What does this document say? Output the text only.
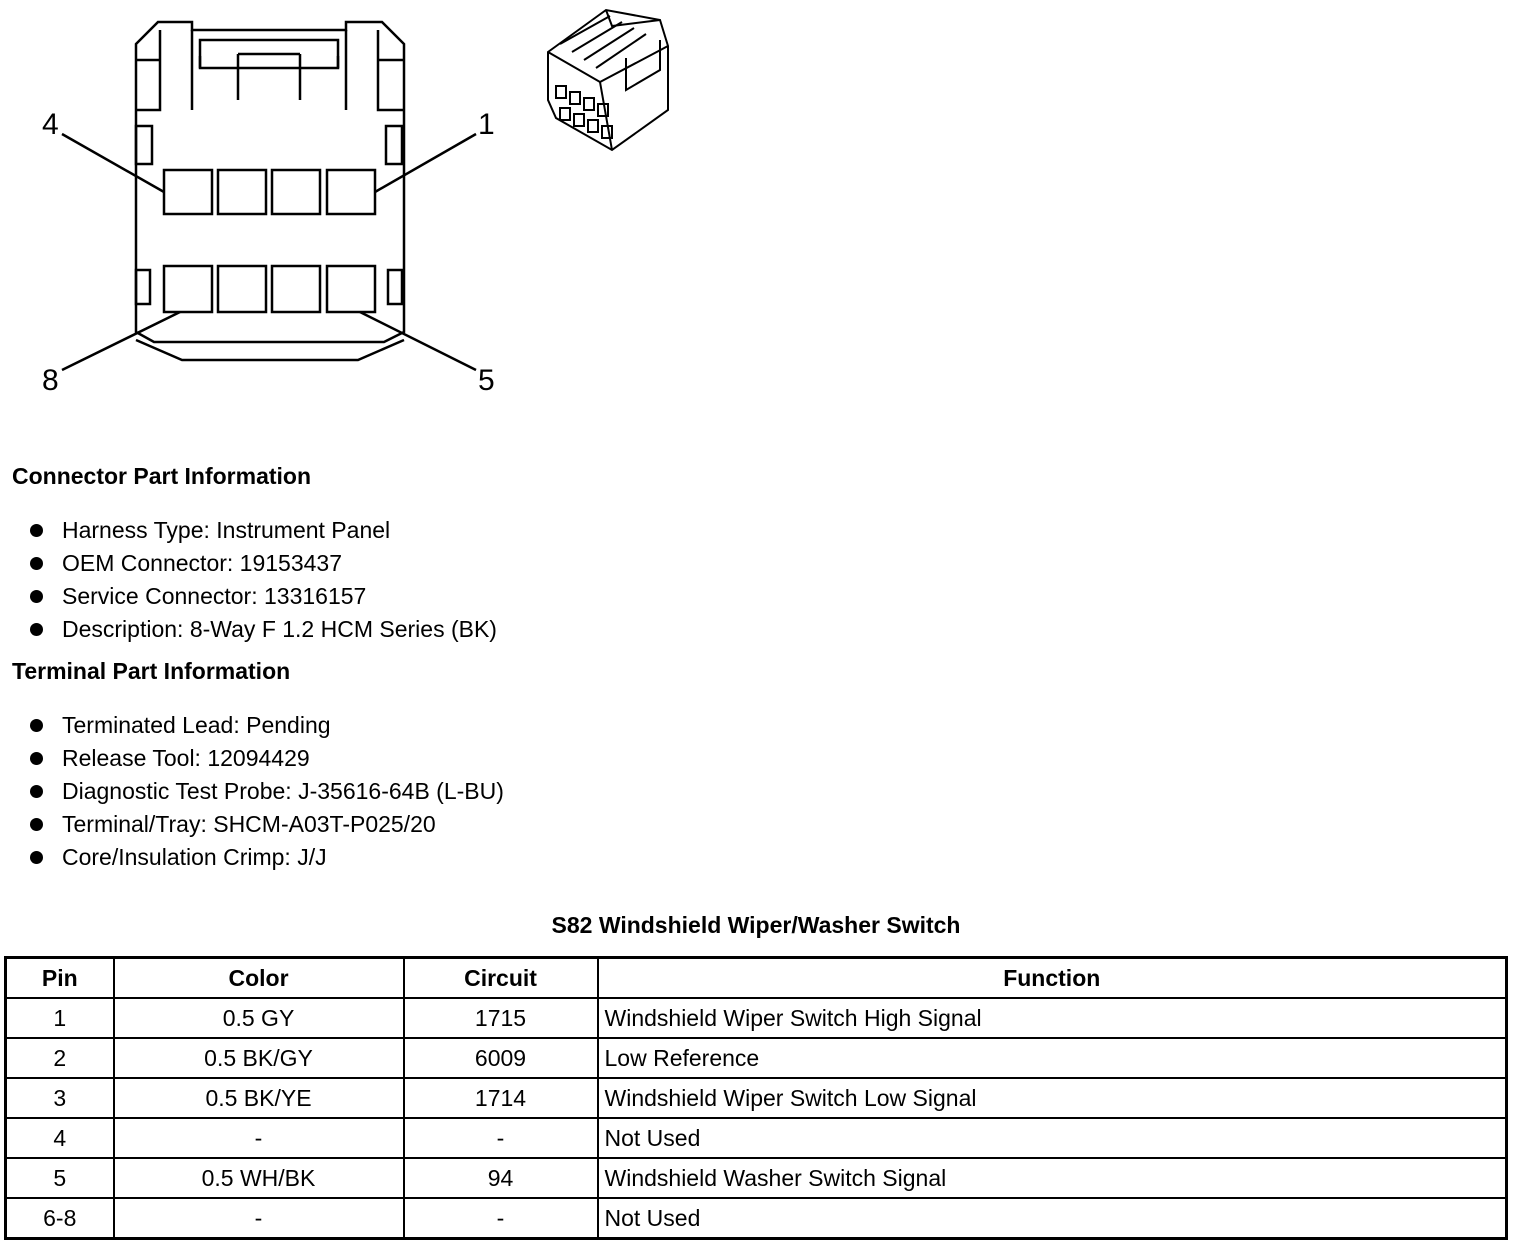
4	1
8	5
Connector Part Information
Harness Type: Instrument Panel
OEM Connector: 19153437
Service Connector: 13316157
Description: 8-Way F 1.2 HCM Series (BK)
Terminal Part Information
Terminated Lead: Pending
Release Tool: 12094429
Diagnostic Test Probe: J-35616-64B (L-BU)
Terminal/Tray: SHCM-A03T-P025/20
Core/Insulation Crimp: J/J
S82 Windshield Wiper/Washer Switch
Pin	Color	Circuit	Function
1	0.5 GY	1715	Windshield Wiper Switch High Signal
2	0.5 BK/GY	6009	Low Reference
3	0.5 BK/YE	1714	Windshield Wiper Switch Low Signal
4	-	-	Not Used
5	0.5 WH/BK	94	Windshield Washer Switch Signal
6-8	-	-	Not Used
